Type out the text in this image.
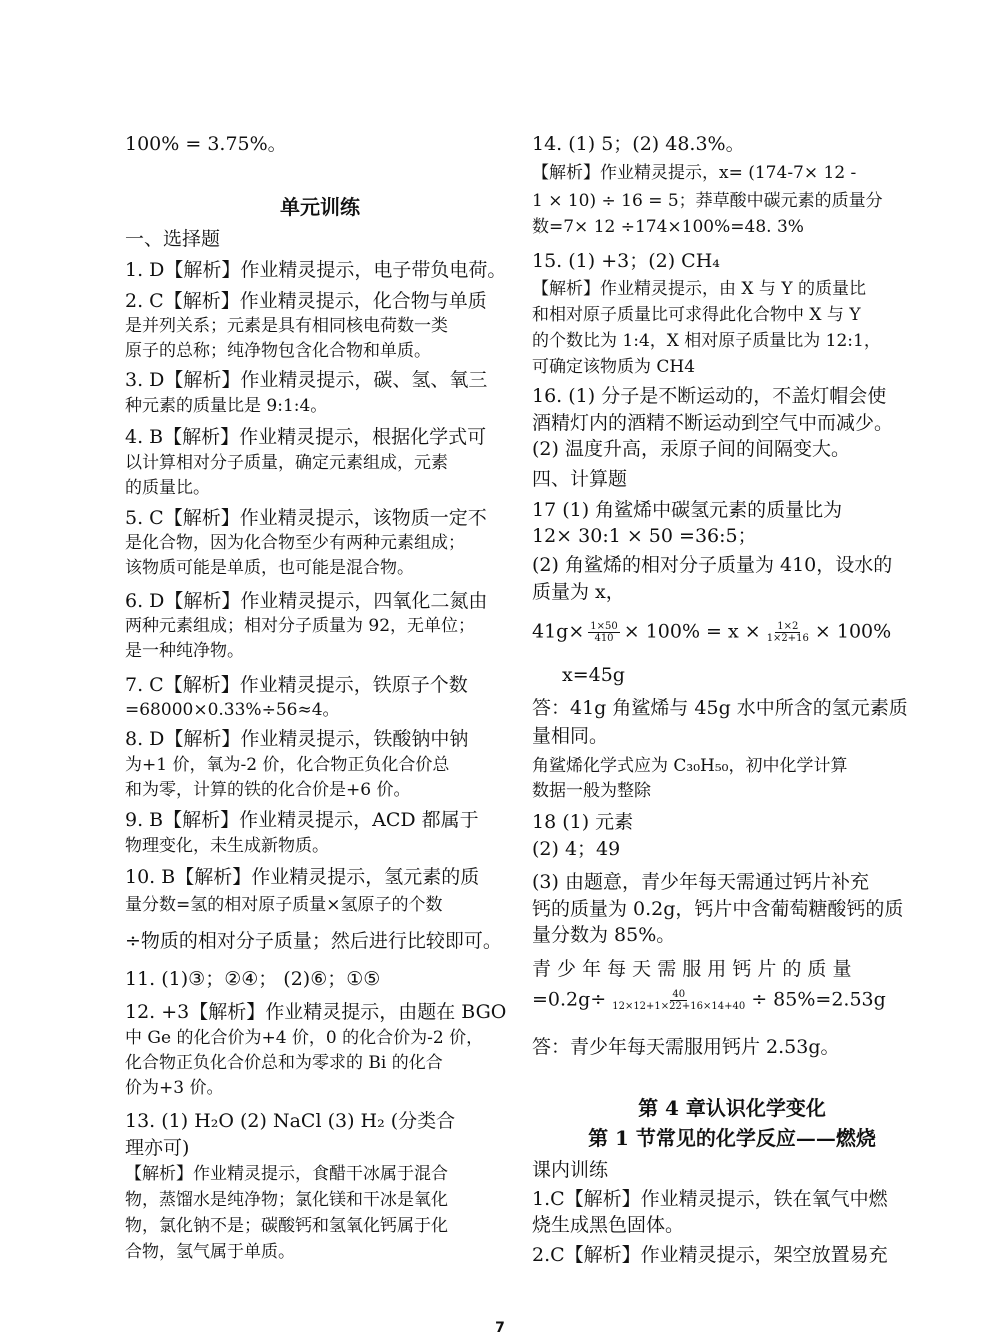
100% = 3.75%。

单元训练

一、选择题

1. D【解析】作业精灵提示，电子带负电荷。

2. C【解析】作业精灵提示，化合物与单质

是并列关系；元素是具有相同核电荷数一类

原子的总称；纯净物包含化合物和单质。

3. D【解析】作业精灵提示，碳、氢、氧三

种元素的质量比是 9:1:4。

4. B【解析】作业精灵提示，根据化学式可

以计算相对分子质量，确定元素组成，元素

的质量比。

5. C【解析】作业精灵提示，该物质一定不

是化合物，因为化合物至少有两种元素组成；

该物质可能是单质，也可能是混合物。

6. D【解析】作业精灵提示，四氧化二氮由

两种元素组成；相对分子质量为 92，无单位；

是一种纯净物。

7. C【解析】作业精灵提示，铁原子个数

=68000×0.33%÷56≈4。

8. D【解析】作业精灵提示，铁酸钠中钠

为+1 价，氧为-2 价，化合物正负化合价总

和为零，计算的铁的化合价是+6 价。

9. B【解析】作业精灵提示，ACD 都属于

物理变化，未生成新物质。

10. B【解析】作业精灵提示，氢元素的质

量分数=氢的相对原子质量×氢原子的个数

÷物质的相对分子质量；然后进行比较即可。

11. (1)③；②④； (2)⑥；①⑤

12. +3【解析】作业精灵提示，由题在 BGO

中 Ge 的化合价为+4 价，0 的化合价为-2 价，

化合物正负化合价总和为零求的 Bi 的化合

价为+3 价。

13. (1) H₂O (2) NaCl (3) H₂ (分类合

理亦可)

【解析】作业精灵提示，食醋干冰属于混合

物，蒸馏水是纯净物；氯化镁和干冰是氧化

物，氯化钠不是；碳酸钙和氢氧化钙属于化

合物，氢气属于单质。

14. (1) 5；(2) 48.3%。

【解析】作业精灵提示，x= (174-7× 12 -

1 × 10) ÷ 16 = 5；莽草酸中碳元素的质量分

数=7× 12 ÷174×100%=48. 3%

15. (1) +3；(2) CH₄

【解析】作业精灵提示，由 X 与 Y 的质量比

和相对原子质量比可求得此化合物中 X 与 Y

的个数比为 1:4，X 相对原子质量比为 12:1，

可确定该物质为 CH4

16. (1) 分子是不断运动的，不盖灯帽会使

酒精灯内的酒精不断运动到空气中而减少。

(2) 温度升高，汞原子间的间隔变大。

四、计算题

17 (1) 角鲨烯中碳氢元素的质量比为

12× 30:1 × 50 =36:5；

(2) 角鲨烯的相对分子质量为 410，设水的

质量为 x，

$41g\times \frac{1\times 50}{410} \times 100\% = x \times \frac{1\times 2}{1\times 2+16} \times 100\%$

x=45g

答：41g 角鲨烯与 45g 水中所含的氢元素质

量相同。

角鲨烯化学式应为 C₃₀H₅₀，初中化学计算

数据一般为整除

18 (1) 元素

(2) 4；49

(3) 由题意，青少年每天需通过钙片补充

钙的质量为 0.2g，钙片中含葡萄糖酸钙的质

量分数为 85%。

青 少 年 每 天 需 服 用 钙 片 的 质 量

$=0.2g\div \frac{40}{12\times 12+1\times 22+16\times 14+40} \div 85\%=2.53g$

答：青少年每天需服用钙片 2.53g。

第 4 章认识化学变化

第 1 节常见的化学反应——燃烧

课内训练

1.C【解析】作业精灵提示，铁在氧气中燃

烧生成黑色固体。

2.C【解析】作业精灵提示，架空放置易充

7
